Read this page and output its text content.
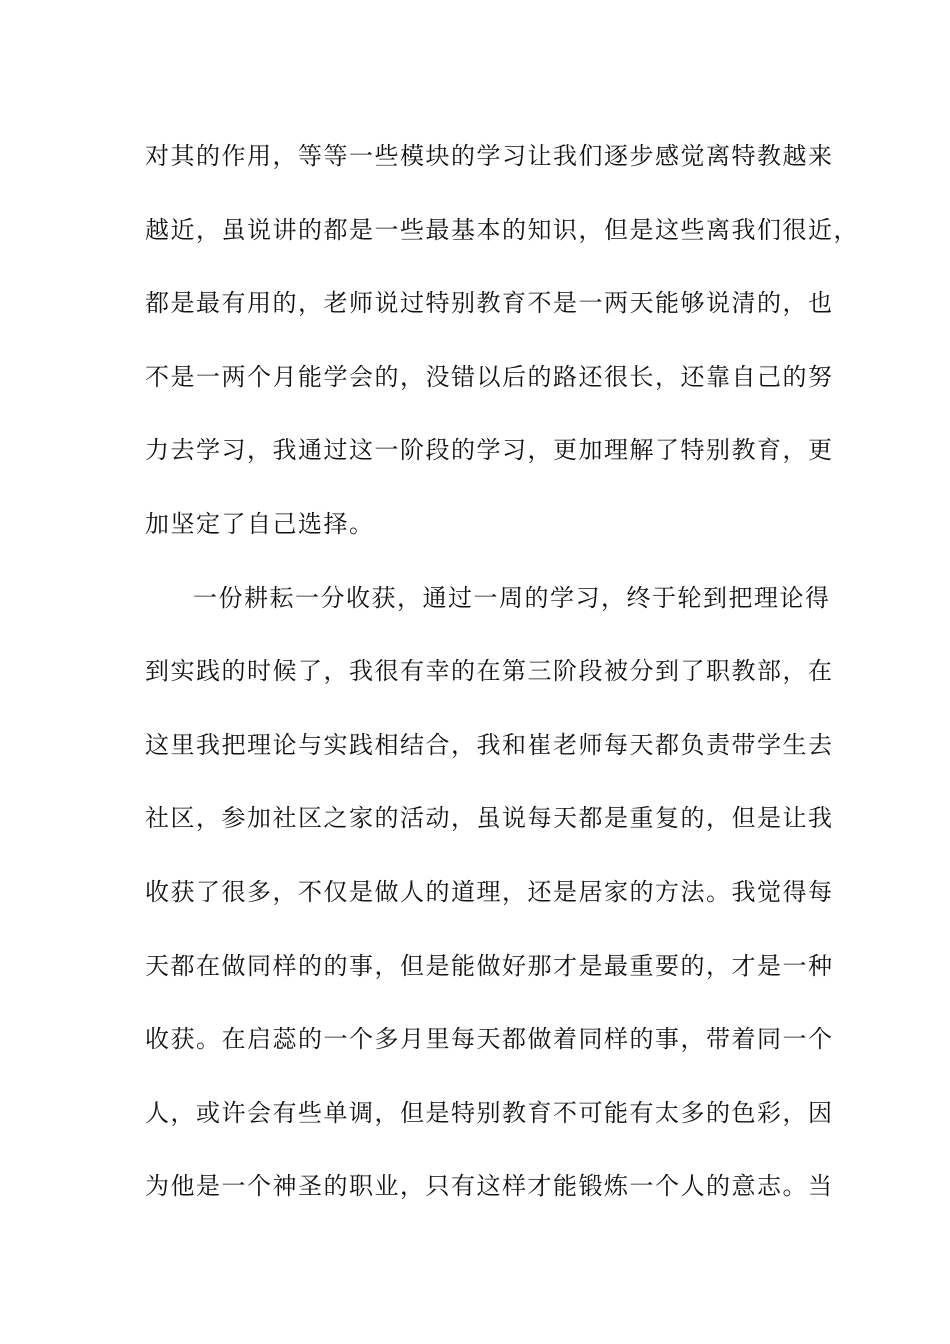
对其的作用，等等一些模块的学习让我们逐步感觉离特教越来
越近，虽说讲的都是一些最基本的知识，但是这些离我们很近，
都是最有用的，老师说过特别教育不是一两天能够说清的，也
不是一两个月能学会的，没错以后的路还很长，还靠自己的努
力去学习，我通过这一阶段的学习，更加理解了特别教育，更
加坚定了自己选择。
一份耕耘一分收获，通过一周的学习，终于轮到把理论得
到实践的时候了，我很有幸的在第三阶段被分到了职教部，在
这里我把理论与实践相结合，我和崔老师每天都负责带学生去
社区，参加社区之家的活动，虽说每天都是重复的，但是让我
收获了很多，不仅是做人的道理，还是居家的方法。我觉得每
天都在做同样的的事，但是能做好那才是最重要的，才是一种
收获。在启蕊的一个多月里每天都做着同样的事，带着同一个
人，或许会有些单调，但是特别教育不可能有太多的色彩，因
为他是一个神圣的职业，只有这样才能锻炼一个人的意志。当
